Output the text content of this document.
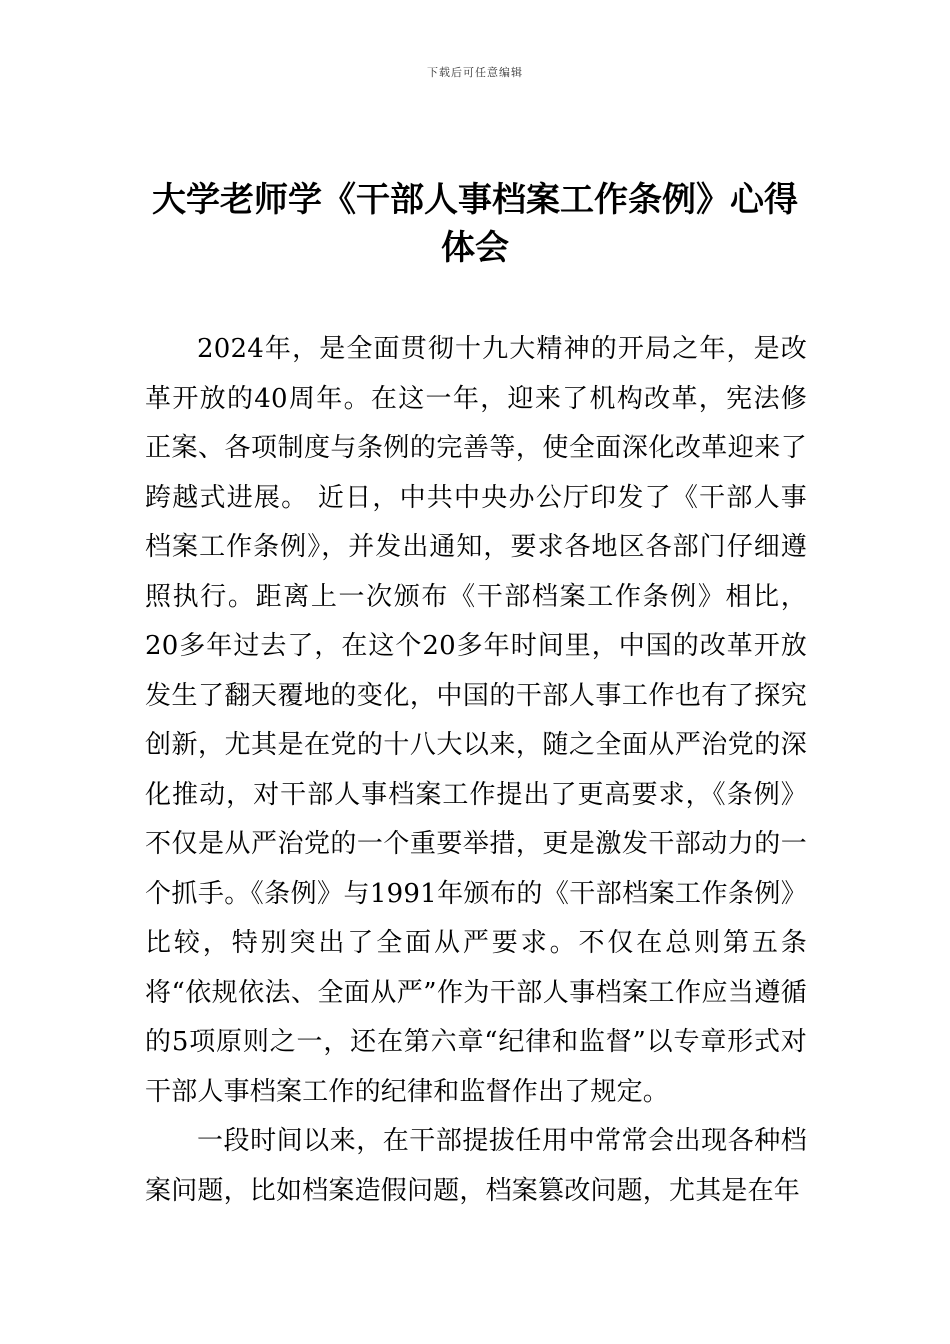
下载后可任意编辑
大学老师学《干部人事档案工作条例》心得体会

2024年，是全面贯彻十九大精神的开局之年，是改革开放的40周年。在这一年，迎来了机构改革，宪法修正案、各项制度与条例的完善等，使全面深化改革迎来了跨越式进展。 近日，中共中央办公厅印发了《干部人事档案工作条例》，并发出通知，要求各地区各部门仔细遵照执行。距离上一次颁布《干部档案工作条例》相比，20多年过去了，在这个20多年时间里，中国的改革开放发生了翻天覆地的变化，中国的干部人事工作也有了探究创新，尤其是在党的十八大以来，随之全面从严治党的深化推动，对干部人事档案工作提出了更高要求，《条例》不仅是从严治党的一个重要举措，更是激发干部动力的一个抓手。《条例》与1991年颁布的《干部档案工作条例》比较，特别突出了全面从严要求。不仅在总则第五条将“依规依法、全面从严”作为干部人事档案工作应当遵循的5项原则之一，还在第六章“纪律和监督”以专章形式对干部人事档案工作的纪律和监督作出了规定。

一段时间以来，在干部提拔任用中常常会出现各种档案问题，比如档案造假问题，档案篡改问题，尤其是在年
